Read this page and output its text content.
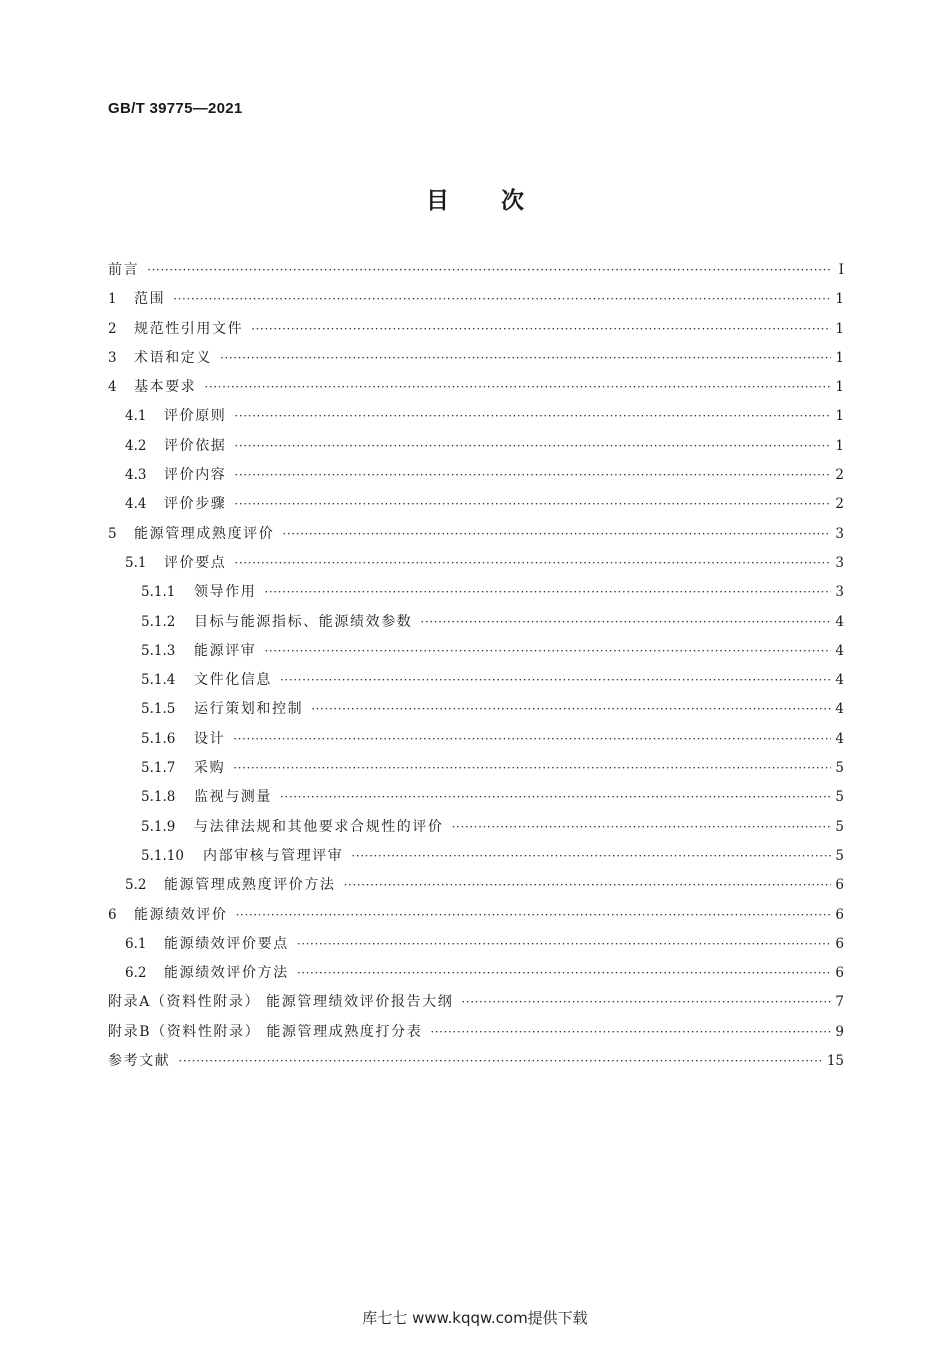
GB/T 39775—2021
目次
前言 ·····	Ⅰ
1	范围 ·····	1
2	规范性引用文件 ·····	1
3	术语和定义 ·····	1
4	基本要求 ·····	1
4.1	评价原则 ·····	1
4.2	评价依据 ·····	1
4.3	评价内容 ·····	2
4.4	评价步骤 ·····	2
5	能源管理成熟度评价 ·····	3
5.1	评价要点 ·····	3
5.1.1	领导作用 ·····	3
5.1.2	目标与能源指标、能源绩效参数 ·····	4
5.1.3	能源评审 ·····	4
5.1.4	文件化信息 ·····	4
5.1.5	运行策划和控制 ·····	4
5.1.6	设计 ·····	4
5.1.7	采购 ·····	5
5.1.8	监视与测量 ·····	5
5.1.9	与法律法规和其他要求合规性的评价 ·····	5
5.1.10	内部审核与管理评审 ·····	5
5.2	能源管理成熟度评价方法 ·····	6
6	能源绩效评价 ·····	6
6.1	能源绩效评价要点 ·····	6
6.2	能源绩效评价方法 ·····	6
附录A（资料性附录） 能源管理绩效评价报告大纲 ·····	7
附录B（资料性附录） 能源管理成熟度打分表 ·····	9
参考文献 ·····	15
库七七 www.kqqw.com提供下载
